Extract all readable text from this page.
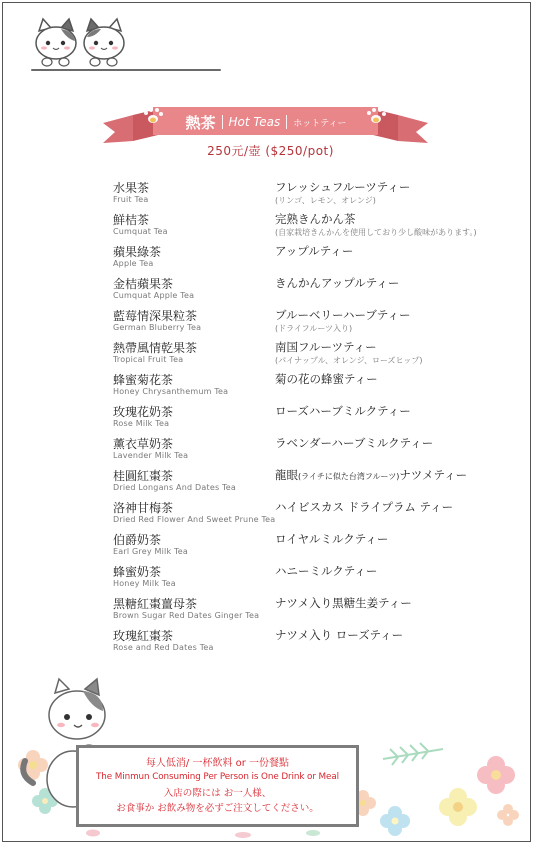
熱茶 Hot Teas ホットティー
250元/壺 ($250/pot)
水果茶
Fruit Tea
フレッシュフルーツティー
(リンゴ、レモン、オレンジ)
鮮桔茶
Cumquat Tea
完熟きんかん茶
(自家栽培きんかんを使用しており少し酸味があります。)
蘋果綠茶
Apple Tea
アップルティー
金桔蘋果茶
Cumquat Apple Tea
きんかんアップルティー
藍莓情深果粒茶
German Bluberry Tea
ブルーベリーハーブティー
(ドライフルーツ入り)
熱帶風情乾果茶
Tropical Fruit Tea
南国フルーツティー
(パイナップル、オレンジ、ローズヒップ)
蜂蜜菊花茶
Honey Chrysanthemum Tea
菊の花の蜂蜜ティー
玫瑰花奶茶
Rose Milk Tea
ローズハーブミルクティー
薰衣草奶茶
Lavender Milk Tea
ラベンダーハーブミルクティー
桂圓紅棗茶
Dried Longans And Dates Tea
龍眼(ライチに似た台湾フルーツ)ナツメティー
洛神甘梅茶
Dried Red Flower And Sweet Prune Tea
ハイビスカス ドライプラム ティー
伯爵奶茶
Earl Grey Milk Tea
ロイヤルミルクティー
蜂蜜奶茶
Honey Milk Tea
ハニーミルクティー
黑糖紅棗薑母茶
Brown Sugar Red Dates Ginger Tea
ナツメ入り黒糖生姜ティー
玫瑰紅棗茶
Rose and Red Dates Tea
ナツメ入り ローズティー
每人低消/ 一杯飲料 or 一份餐點
The Minmun Consuming Per Person is One Drink or Meal
入店の際には お一人様、
お食事か お飲み物を必ずご注文してください。
